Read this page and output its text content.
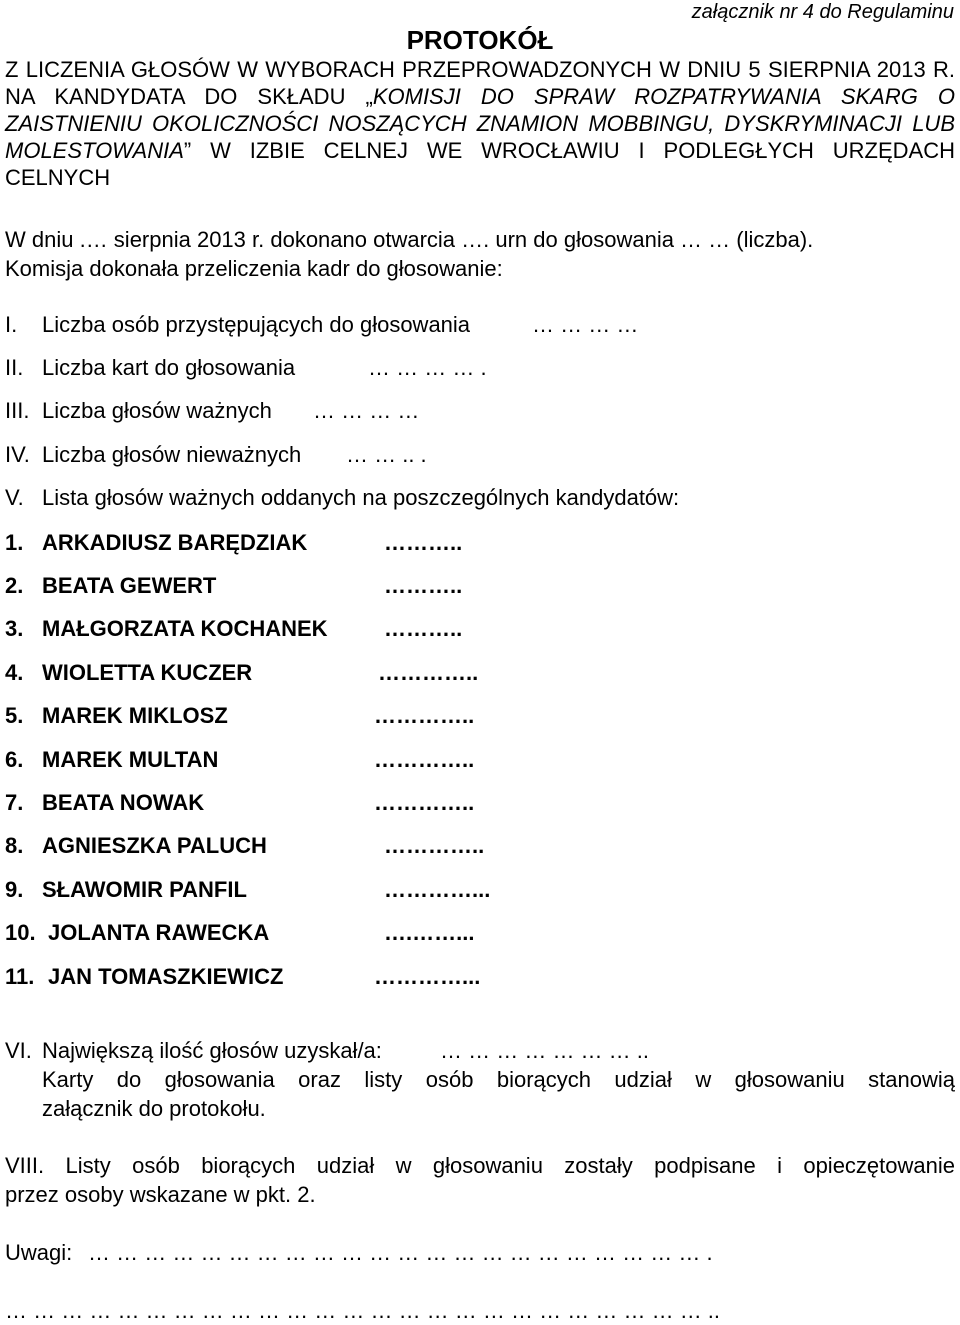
załącznik nr 4 do Regulaminu
PROTOKÓŁ
Z LICZENIA GŁOSÓW W WYBORACH PRZEPROWADZONYCH W DNIU 5 SIERPNIA 2013 R. NA KANDYDATA DO SKŁADU „KOMISJI DO SPRAW ROZPATRYWANIA SKARG O ZAISTNIENIU OKOLICZNOŚCI NOSZĄCYCH ZNAMION MOBBINGU, DYSKRYMINACJI LUB MOLESTOWANIA” W IZBIE CELNEJ WE WROCŁAWIU I PODLEGŁYCH URZĘDACH CELNYCH
W dniu .… sierpnia 2013 r. dokonano otwarcia …. urn do głosowania … … (liczba).
Komisja dokonała przeliczenia kadr do głosowanie:
I. Liczba osób przystępujących do głosowania	… … … …
II. Liczba kart do głosowania	… … … … .
III. Liczba głosów ważnych … … … …
IV. Liczba głosów nieważnych … … .. .
V. Lista głosów ważnych oddanych na poszczególnych kandydatów:
1. ARKADIUSZ BARĘDZIAK	………..
2. BEATA GEWERT	………..
3. MAŁGORZATA KOCHANEK	………..
4. WIOLETTA KUCZER	…………..
5. MAREK MIKLOSZ	…………..
6. MAREK MULTAN	…………..
7. BEATA NOWAK	…………..
8. AGNIESZKA PALUCH	…………..
9. SŁAWOMIR PANFIL	…………...
10. JOLANTA RAWECKA	….……...
11. JAN TOMASZKIEWICZ	…………...
VI. Największą ilość głosów uzyskał/a:	… … … … … … … ..
Karty do głosowania oraz listy osób biorących udział w głosowaniu stanowią
załącznik do protokołu.
VIII. Listy osób biorących udział w głosowaniu zostały podpisane i opieczętowanie
przez osoby wskazane w pkt. 2.
Uwagi: … … … … … … … … … … … … … … … … … … … … … … .
… … … … … … … … … … … … … … … … … … … … … … … … … ..
